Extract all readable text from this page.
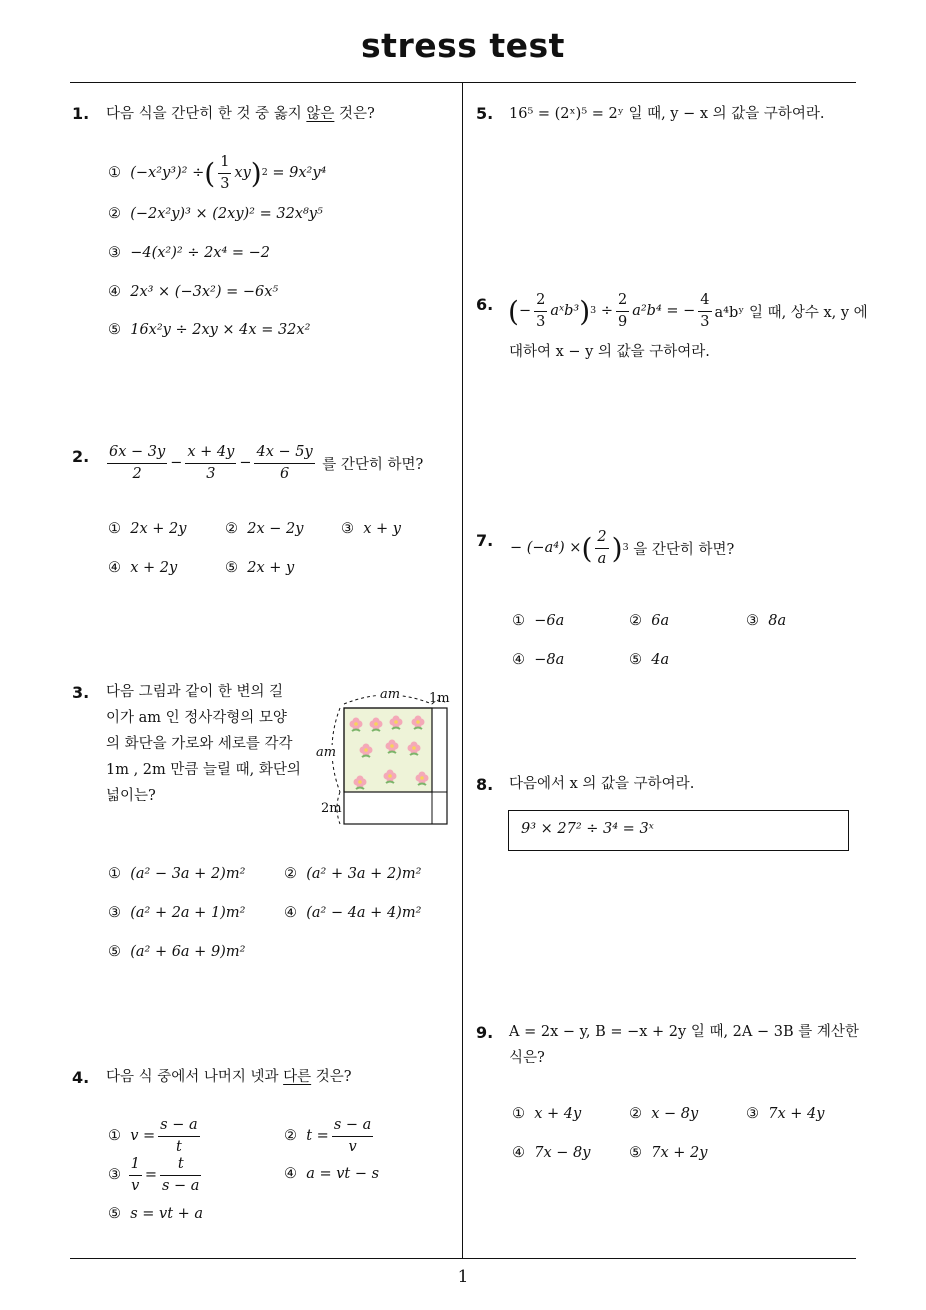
stress test
1
1. 다음 식을 간단히 한 것 중 옳지 않은 것은?
①
(−x²y³)² ÷ ( $\frac{1}{3}$ xy ) 2
= 9x²y⁴
② (−2x²y)³ × (2xy)² = 32x⁸y⁵
③ −4(x²)² ÷ 2x⁴ = −2
④ 2x³ × (−3x²) = −6x⁵
⑤ 16x²y ÷ 2xy × 4x = 32x²
2. $\frac{6x - 3y}{2} - \frac{x + 4y}{3} - \frac{4x - 5y}{6}$
를 간단히 하면?
① 2x + 2y	② 2x − 2y	③ x + y
④ x + 2y	⑤ 2x + y
3. 다음 그림과 같이 한 변의 길
이가 am 인 정사각형의 모양
의 화단을 가로와 세로를 각각
1m , 2m 만큼 늘릴 때, 화단의
넓이는?
am 1m
am
2m
① (a² − 3a + 2)m²	② (a² + 3a + 2)m²
③ (a² + 2a + 1)m²	④ (a² − 4a + 4)m²
⑤ (a² + 6a + 9)m²
4. 다음 식 중에서 나머지 넷과 다른 것은?
①
$v = \frac{s - a}{t}$	②
$t = \frac{s - a}{v}$
③
$\frac{1}{v} = \frac{t}{s - a}$	④ a = vt − s
⑤ s = vt + a
5. 16⁵ = (2ˣ)⁵ = 2ʸ 일 때, y − x 의 값을 구하여라.
6. ( − $\frac{2}{3}$ aˣb³ ) 3
÷ $\frac{2}{9} a^2b^4$ = − $\frac{4}{3}$ a⁴bʸ 일 때, 상수 x, y 에
대하여 x − y 의 값을 구하여라.
7. − (−a⁴) × ( $\frac{2}{a}$ ) 3
을 간단히 하면?
① −6a	② 6a	③ 8a
④ −8a	⑤ 4a
8. 다음에서 x 의 값을 구하여라.
9³ × 27² ÷ 3⁴ = 3ˣ
9. A = 2x − y, B = −x + 2y 일 때, 2A − 3B 를 계산한
식은?
① x + 4y	② x − 8y	③ 7x + 4y
④ 7x − 8y	⑤ 7x + 2y
